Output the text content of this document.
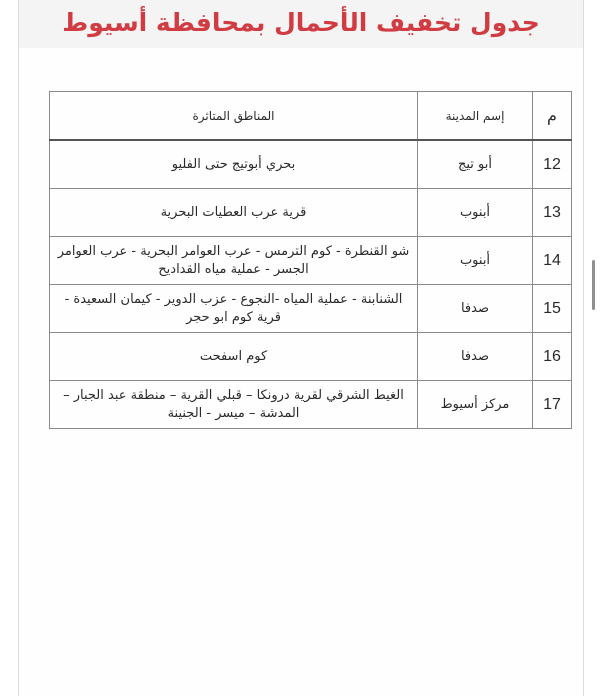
جدول تخفيف الأحمال بمحافظة أسيوط
م	إسم المدينة	المناطق المتاثرة
12	أبو تيج	بحري أبوتيج حتى الفليو
13	أبنوب	قرية عرب العطيات البحرية
14	أبنوب	شو القنطرة - كوم الترمس - عرب العوامر البحرية - عرب العوامر الجسر - عملية مياه القداديح
15	صدفا	الشنابنة - عملية المياه -النجوع - عزب الدوير - كيمان السعيدة - قرية كوم ابو حجر
16	صدفا	كوم اسفحت
17	مركز أسيوط	الغيط الشرقي لقرية درونكا – قبلي القرية – منطقة عبد الجبار – المدشة – ميسر - الجنينة
